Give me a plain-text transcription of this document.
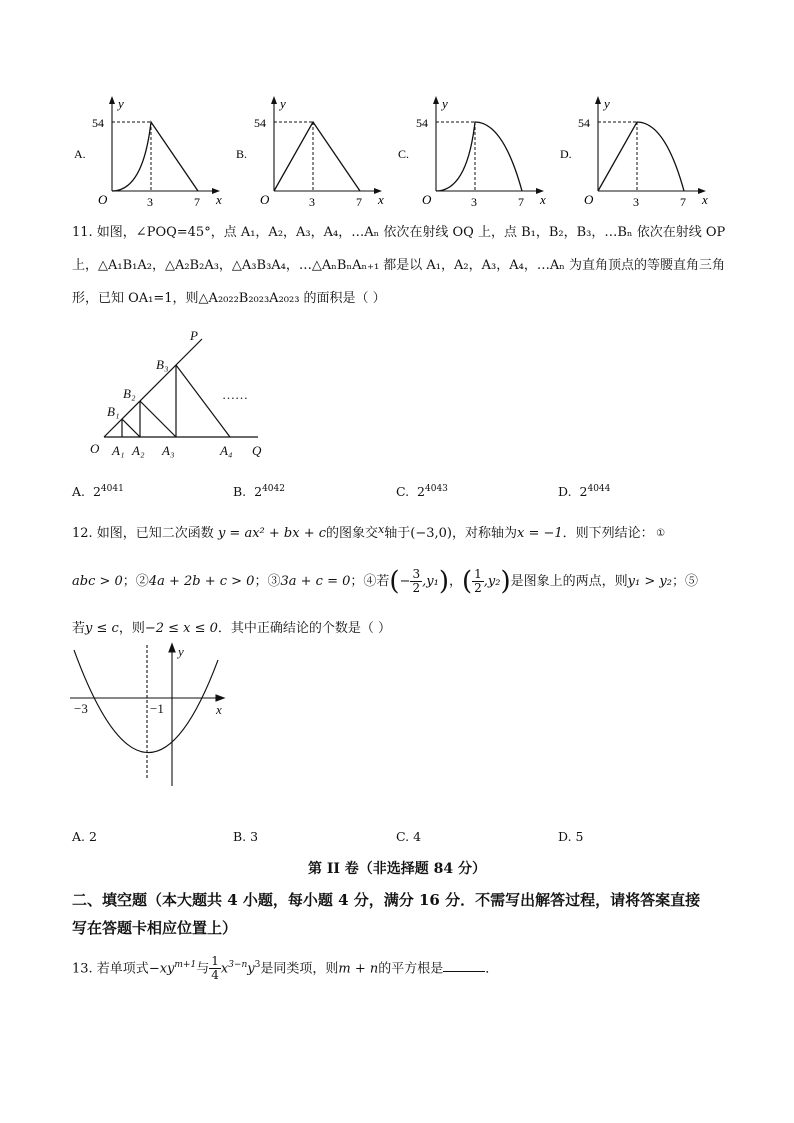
A.
y
x
O
54
3	7
B.
y
x
O
54
3	7
C.
y
x
O
54
3	7
D.
y
x
O
54
3	7
11. 如图，∠POQ=45°，点 A₁，A₂，A₃，A₄，…Aₙ 依次在射线 OQ 上，点 B₁，B₂，B₃，…Bₙ 依次在射线 OP
上，△A₁B₁A₂，△A₂B₂A₃，△A₃B₃A₄，…△AₙBₙAₙ₊₁ 都是以 A₁，A₂，A₃，A₄，…Aₙ 为直角顶点的等腰直角三角
形，已知 OA₁=1，则△A₂₀₂₂B₂₀₂₃A₂₀₂₃ 的面积是（ ）
P
Q
O
B₁
B₂
B₃
A₁ A₂ A₃	A₄
……
A. $2^{4041}$	B. $2^{4042}$	C. $2^{4043}$	D. $2^{4044}$
12. 如图，已知二次函数 y = ax² + bx + c的图象交$^x$轴于(−3,0)，对称轴为x = −1．则下列结论： ①
abc > 0；②4a + 2b + c > 0；③3a + c = 0；④若(− $\frac{3}{2} ,y_1$)，( $\frac{1}{2} ,y_2$)是图象上的两点，则y₁ > y₂；⑤
若y ≤ c，则−2 ≤ x ≤ 0．其中正确结论的个数是（ ）
y
x
−3	−1
A. 2	B. 3	C. 4	D. 5
第 II 卷（非选择题 84 分）
二、填空题（本大题共 4 小题，每小题 4 分，满分 16 分．不需写出解答过程，请将答案直接
写在答题卡相应位置上）
13. 若单项式$-xy^{m+1}$与 $\frac{1}{4} x^{3-n}y^3$是同类项，则m + n的平方根是	．
